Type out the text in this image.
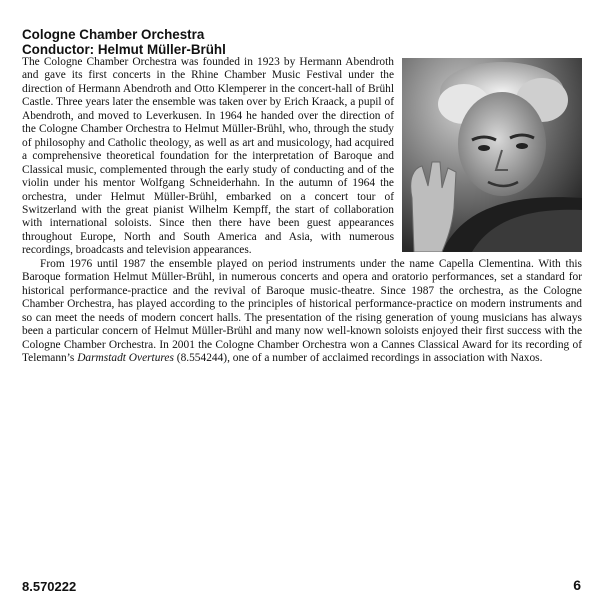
Cologne Chamber Orchestra
Conductor: Helmut Müller-Brühl

The Cologne Chamber Orchestra was founded in 1923 by Hermann Abendroth and gave its first concerts in the Rhine Chamber Music Festival under the direction of Hermann Abendroth and Otto Klemperer in the concert-hall of Brühl Castle. Three years later the ensemble was taken over by Erich Kraack, a pupil of Abendroth, and moved to Leverkusen. In 1964 he handed over the direction of the Cologne Chamber Orchestra to Helmut Müller-Brühl, who, through the study of philosophy and Catholic theology, as well as art and musicology, had acquired a comprehensive theoretical foundation for the interpretation of Baroque and Classical music, complemented through the early study of conducting and of the violin under his mentor Wolfgang Schneiderhahn. In the autumn of 1964 the orchestra, under Helmut Müller-Brühl, embarked on a concert tour of Switzerland with the great pianist Wilhelm Kempff, the start of collaboration with international soloists. Since then there have been guest appearances throughout Europe, North and South America and Asia, with numerous recordings, broadcasts and television appearances.

From 1976 until 1987 the ensemble played on period instruments under the name Capella Clementina. With this Baroque formation Helmut Müller-Brühl, in numerous concerts and opera and oratorio performances, set a standard for historical performance-practice and the revival of Baroque music-theatre. Since 1987 the orchestra, as the Cologne Chamber Orchestra, has played according to the principles of historical performance-practice on modern instruments and so can meet the needs of modern concert halls. The presentation of the rising generation of young musicians has always been a particular concern of Helmut Müller-Brühl and many now well-known soloists enjoyed their first success with the Cologne Chamber Orchestra. In 2001 the Cologne Chamber Orchestra won a Cannes Classical Award for its recording of Telemann’s Darmstadt Overtures (8.554244), one of a number of acclaimed recordings in association with Naxos.

8.570222	6
